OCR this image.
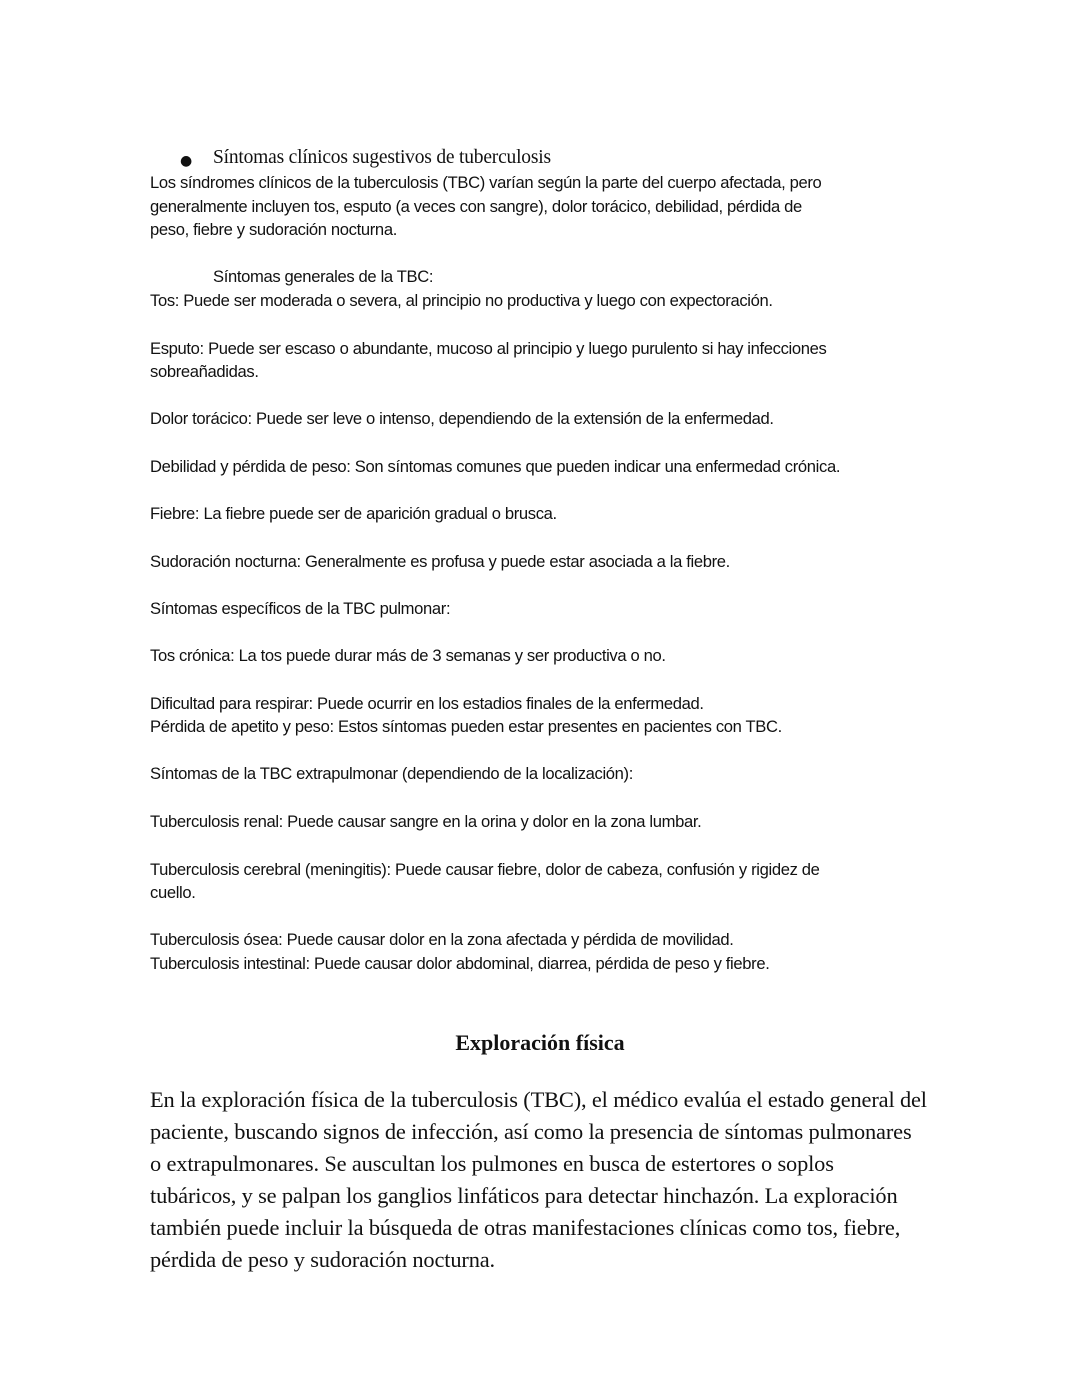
● Síntomas clínicos sugestivos de tuberculosis
Los síndromes clínicos de la tuberculosis (TBC) varían según la parte del cuerpo afectada, pero
generalmente incluyen tos, esputo (a veces con sangre), dolor torácico, debilidad, pérdida de
peso, fiebre y sudoración nocturna.
Síntomas generales de la TBC:
Tos: Puede ser moderada o severa, al principio no productiva y luego con expectoración.
Esputo: Puede ser escaso o abundante, mucoso al principio y luego purulento si hay infecciones
sobreañadidas.
Dolor torácico: Puede ser leve o intenso, dependiendo de la extensión de la enfermedad.
Debilidad y pérdida de peso: Son síntomas comunes que pueden indicar una enfermedad crónica.
Fiebre: La fiebre puede ser de aparición gradual o brusca.
Sudoración nocturna: Generalmente es profusa y puede estar asociada a la fiebre.
Síntomas específicos de la TBC pulmonar:
Tos crónica: La tos puede durar más de 3 semanas y ser productiva o no.
Dificultad para respirar: Puede ocurrir en los estadios finales de la enfermedad.
Pérdida de apetito y peso: Estos síntomas pueden estar presentes en pacientes con TBC.
Síntomas de la TBC extrapulmonar (dependiendo de la localización):
Tuberculosis renal: Puede causar sangre en la orina y dolor en la zona lumbar.
Tuberculosis cerebral (meningitis): Puede causar fiebre, dolor de cabeza, confusión y rigidez de
cuello.
Tuberculosis ósea: Puede causar dolor en la zona afectada y pérdida de movilidad.
Tuberculosis intestinal: Puede causar dolor abdominal, diarrea, pérdida de peso y fiebre.
Exploración física
En la exploración física de la tuberculosis (TBC), el médico evalúa el estado general del
paciente, buscando signos de infección, así como la presencia de síntomas pulmonares
o extrapulmonares. Se auscultan los pulmones en busca de estertores o soplos
tubáricos, y se palpan los ganglios linfáticos para detectar hinchazón. La exploración
también puede incluir la búsqueda de otras manifestaciones clínicas como tos, fiebre,
pérdida de peso y sudoración nocturna.
